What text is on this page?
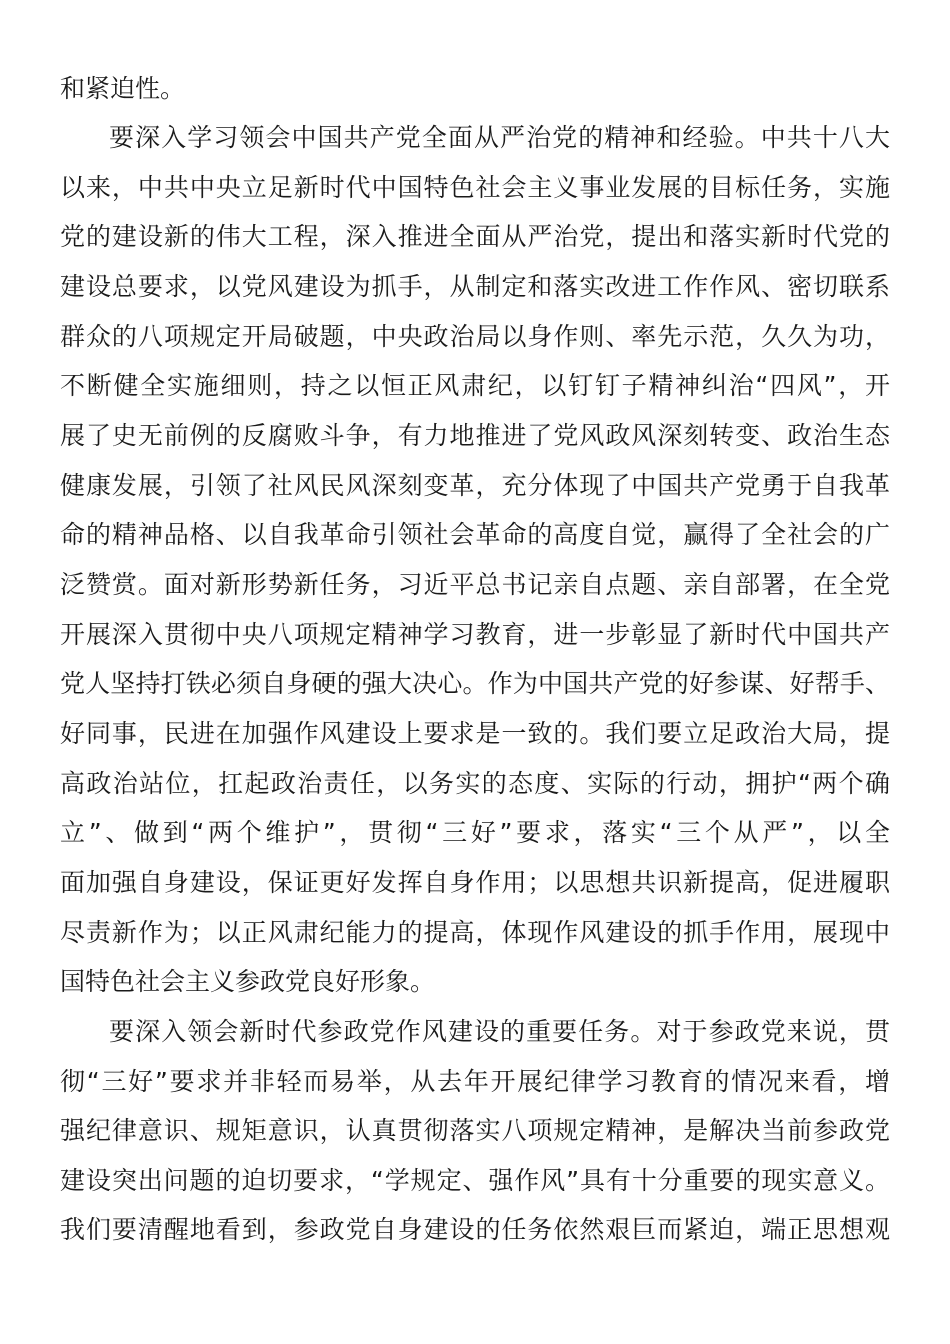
和紧迫性。
要深入学习领会中国共产党全面从严治党的精神和经验。中共十八大
以来，中共中央立足新时代中国特色社会主义事业发展的目标任务，实施
党的建设新的伟大工程，深入推进全面从严治党，提出和落实新时代党的
建设总要求，以党风建设为抓手，从制定和落实改进工作作风、密切联系
群众的八项规定开局破题，中央政治局以身作则、率先示范，久久为功，
不断健全实施细则，持之以恒正风肃纪，以钉钉子精神纠治“四风”，开
展了史无前例的反腐败斗争，有力地推进了党风政风深刻转变、政治生态
健康发展，引领了社风民风深刻变革，充分体现了中国共产党勇于自我革
命的精神品格、以自我革命引领社会革命的高度自觉，赢得了全社会的广
泛赞赏。面对新形势新任务，习近平总书记亲自点题、亲自部署，在全党
开展深入贯彻中央八项规定精神学习教育，进一步彰显了新时代中国共产
党人坚持打铁必须自身硬的强大决心。作为中国共产党的好参谋、好帮手、
好同事，民进在加强作风建设上要求是一致的。我们要立足政治大局，提
高政治站位，扛起政治责任，以务实的态度、实际的行动，拥护“两个确
立”、做到“两个维护”，贯彻“三好”要求，落实“三个从严”，以全
面加强自身建设，保证更好发挥自身作用；以思想共识新提高，促进履职
尽责新作为；以正风肃纪能力的提高，体现作风建设的抓手作用，展现中
国特色社会主义参政党良好形象。
要深入领会新时代参政党作风建设的重要任务。对于参政党来说，贯
彻“三好”要求并非轻而易举，从去年开展纪律学习教育的情况来看，增
强纪律意识、规矩意识，认真贯彻落实八项规定精神，是解决当前参政党
建设突出问题的迫切要求，“学规定、强作风”具有十分重要的现实意义。
我们要清醒地看到，参政党自身建设的任务依然艰巨而紧迫，端正思想观
